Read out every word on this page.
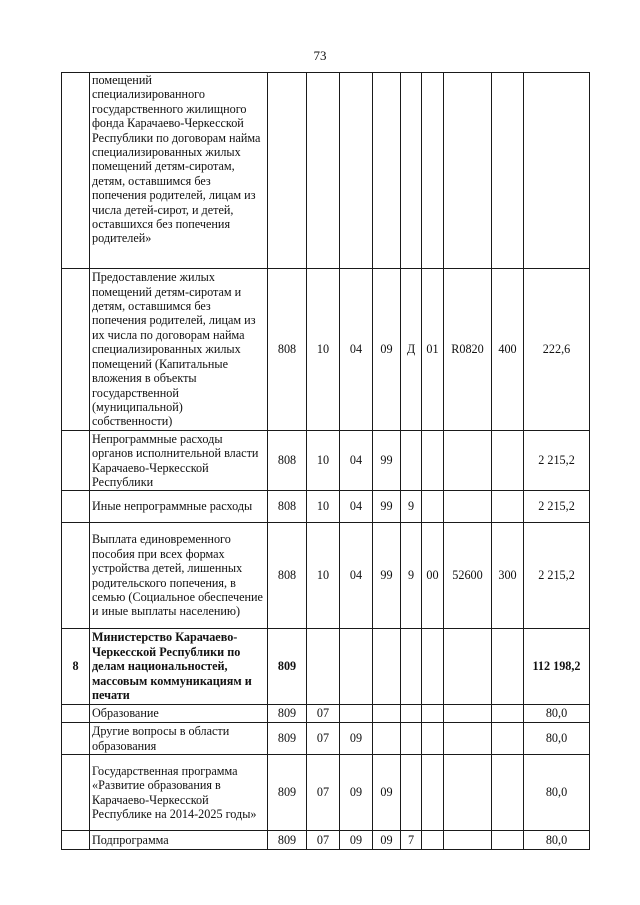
73
	помещений специализированного государственного жилищного фонда Карачаево-Черкесской Республики по договорам найма специализированных жилых помещений детям-сиротам, детям, оставшимся без попечения родителей, лицам из числа детей-сирот, и детей, оставшихся без попечения родителей»									
	Предоставление жилых помещений детям-сиротам и детям, оставшимся без попечения родителей, лицам из их числа по договорам найма специализированных жилых помещений (Капитальные вложения в объекты государственной (муниципальной) собственности)	808	10	04	09	Д	01	R0820	400	222,6
	Непрограммные расходы органов исполнительной власти Карачаево-Черкесской Республики	808	10	04	99					2 215,2
	Иные непрограммные расходы	808	10	04	99	9				2 215,2
	Выплата единовременного пособия при всех формах устройства детей, лишенных родительского попечения, в семью (Социальное обеспечение и иные выплаты населению)	808	10	04	99	9	00	52600	300	2 215,2
8	Министерство Карачаево-Черкесской Республики по делам национальностей, массовым коммуникациям и печати	809								112 198,2
	Образование	809	07							80,0
	Другие вопросы в области образования	809	07	09						80,0
	Государственная программа «Развитие образования в Карачаево-Черкесской Республике на 2014-2025 годы»	809	07	09	09					80,0
	Подпрограмма	809	07	09	09	7				80,0
